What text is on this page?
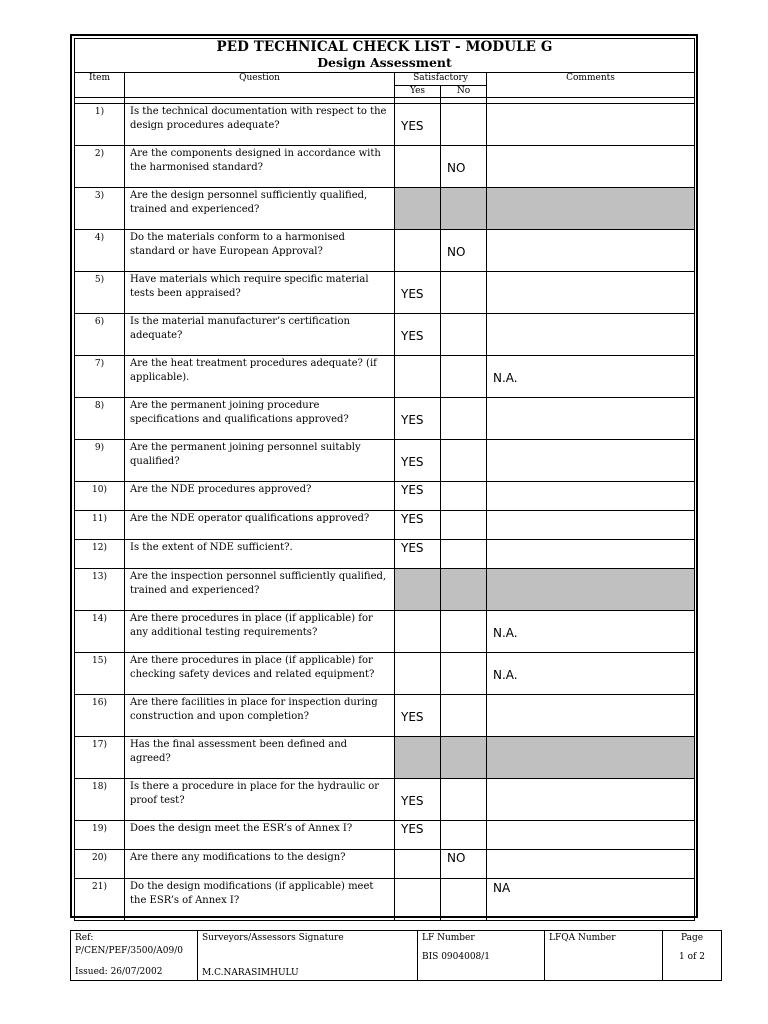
PED TECHNICAL CHECK LIST - MODULE G
Design Assessment				

Item	Question	Satisfactory		Comments
		Yes	No	

1)	Is the technical documentation with respect to the design procedures adequate?	YES		
2)	Are the components designed in accordance with the harmonised standard?		NO	
3)	Are the design personnel sufficiently qualified, trained and experienced?			
4)	Do the materials conform to a harmonised standard or have European Approval?		NO	
5)	Have materials which require specific material tests been appraised?	YES		
6)	Is the material manufacturer’s certification adequate?	YES		
7)	Are the heat treatment procedures adequate? (if applicable).			N.A.
8)	Are the permanent joining procedure specifications and qualifications approved?	YES		
9)	Are the permanent joining personnel suitably qualified?	YES		
10)	Are the NDE procedures approved?	YES		
11)	Are the NDE operator qualifications approved?	YES		
12)	Is the extent of NDE sufficient?.	YES		
13)	Are the inspection personnel sufficiently qualified, trained and experienced?			
14)	Are there procedures in place (if applicable) for any additional testing requirements?			N.A.
15)	Are there procedures in place (if applicable) for checking safety devices and related equipment?			N.A.
16)	Are there facilities in place for inspection during construction and upon completion?	YES		
17)	Has the final assessment been defined and agreed?			
18)	Is there a procedure in place for the hydraulic or proof test?	YES		
19)	Does the design meet the ESR’s of Annex I?	YES		
20)	Are there any modifications to the design?		NO	
21)	Do the design modifications (if applicable) meet the ESR’s of Annex I?			NA
Ref:
P/CEN/PEF/3500/A09/0
Issued: 26/07/2002

Surveyors/Assessors Signature
M.C.NARASIMHULU

LF Number
BIS 0904008/1

LFQA Number	Page
1 of 2
